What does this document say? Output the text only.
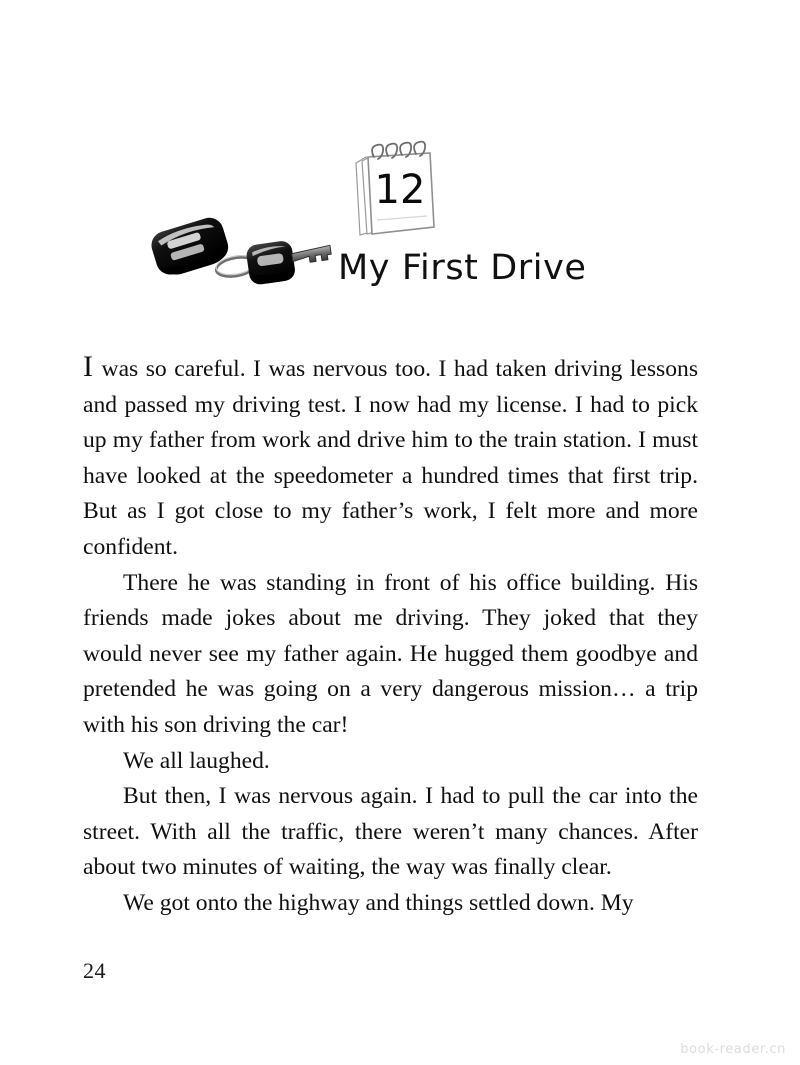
12
My First Drive

I was so careful. I was nervous too. I had taken driving lessons and passed my driving test. I now had my license. I had to pick up my father from work and drive him to the train station. I must have looked at the speedometer a hundred times that first trip. But as I got close to my father’s work, I felt more and more confident.

There he was standing in front of his office building. His friends made jokes about me driving. They joked that they would never see my father again. He hugged them goodbye and pretended he was going on a very dangerous mission… a trip with his son driving the car!

We all laughed.

But then, I was nervous again. I had to pull the car into the street. With all the traffic, there weren’t many chances. After about two minutes of waiting, the way was finally clear.

We got onto the highway and things settled down. My

24
book-reader.cn
